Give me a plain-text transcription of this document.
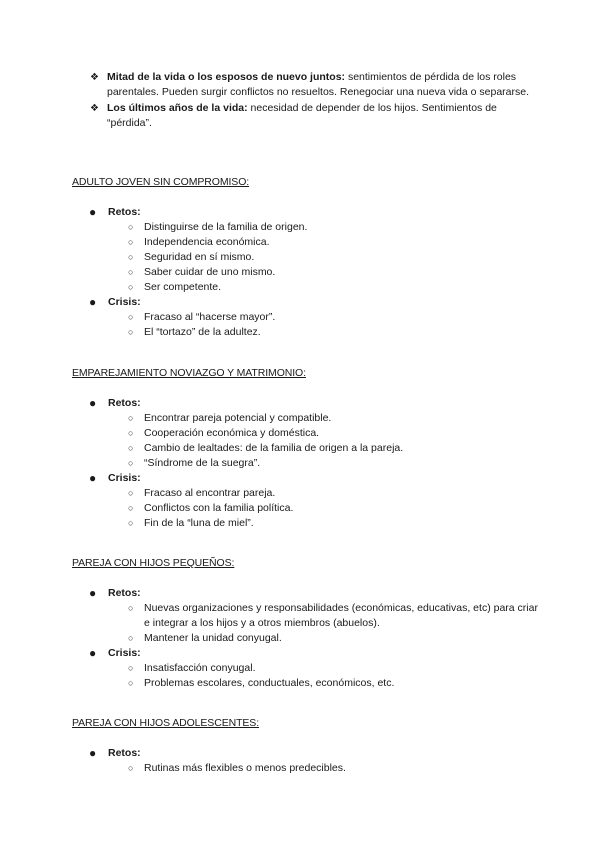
❖ Mitad de la vida o los esposos de nuevo juntos: sentimientos de pérdida de los roles parentales. Pueden surgir conflictos no resueltos. Renegociar una nueva vida o separarse.
❖ Los últimos años de la vida: necesidad de depender de los hijos. Sentimientos de “pérdida”.

ADULTO JOVEN SIN COMPROMISO:

● Retos:
○ Distinguirse de la familia de origen.
○ Independencia económica.
○ Seguridad en sí mismo.
○ Saber cuidar de uno mismo.
○ Ser competente.
● Crisis:
○ Fracaso al “hacerse mayor”.
○ El “tortazo” de la adultez.

EMPAREJAMIENTO NOVIAZGO Y MATRIMONIO:

● Retos:
○ Encontrar pareja potencial y compatible.
○ Cooperación económica y doméstica.
○ Cambio de lealtades: de la familia de origen a la pareja.
○ “Síndrome de la suegra”.
● Crisis:
○ Fracaso al encontrar pareja.
○ Conflictos con la familia política.
○ Fin de la “luna de miel”.

PAREJA CON HIJOS PEQUEÑOS:

● Retos:
○ Nuevas organizaciones y responsabilidades (económicas, educativas, etc) para criar e integrar a los hijos y a otros miembros (abuelos).
○ Mantener la unidad conyugal.
● Crisis:
○ Insatisfacción conyugal.
○ Problemas escolares, conductuales, económicos, etc.

PAREJA CON HIJOS ADOLESCENTES:

● Retos:
○ Rutinas más flexibles o menos predecibles.
